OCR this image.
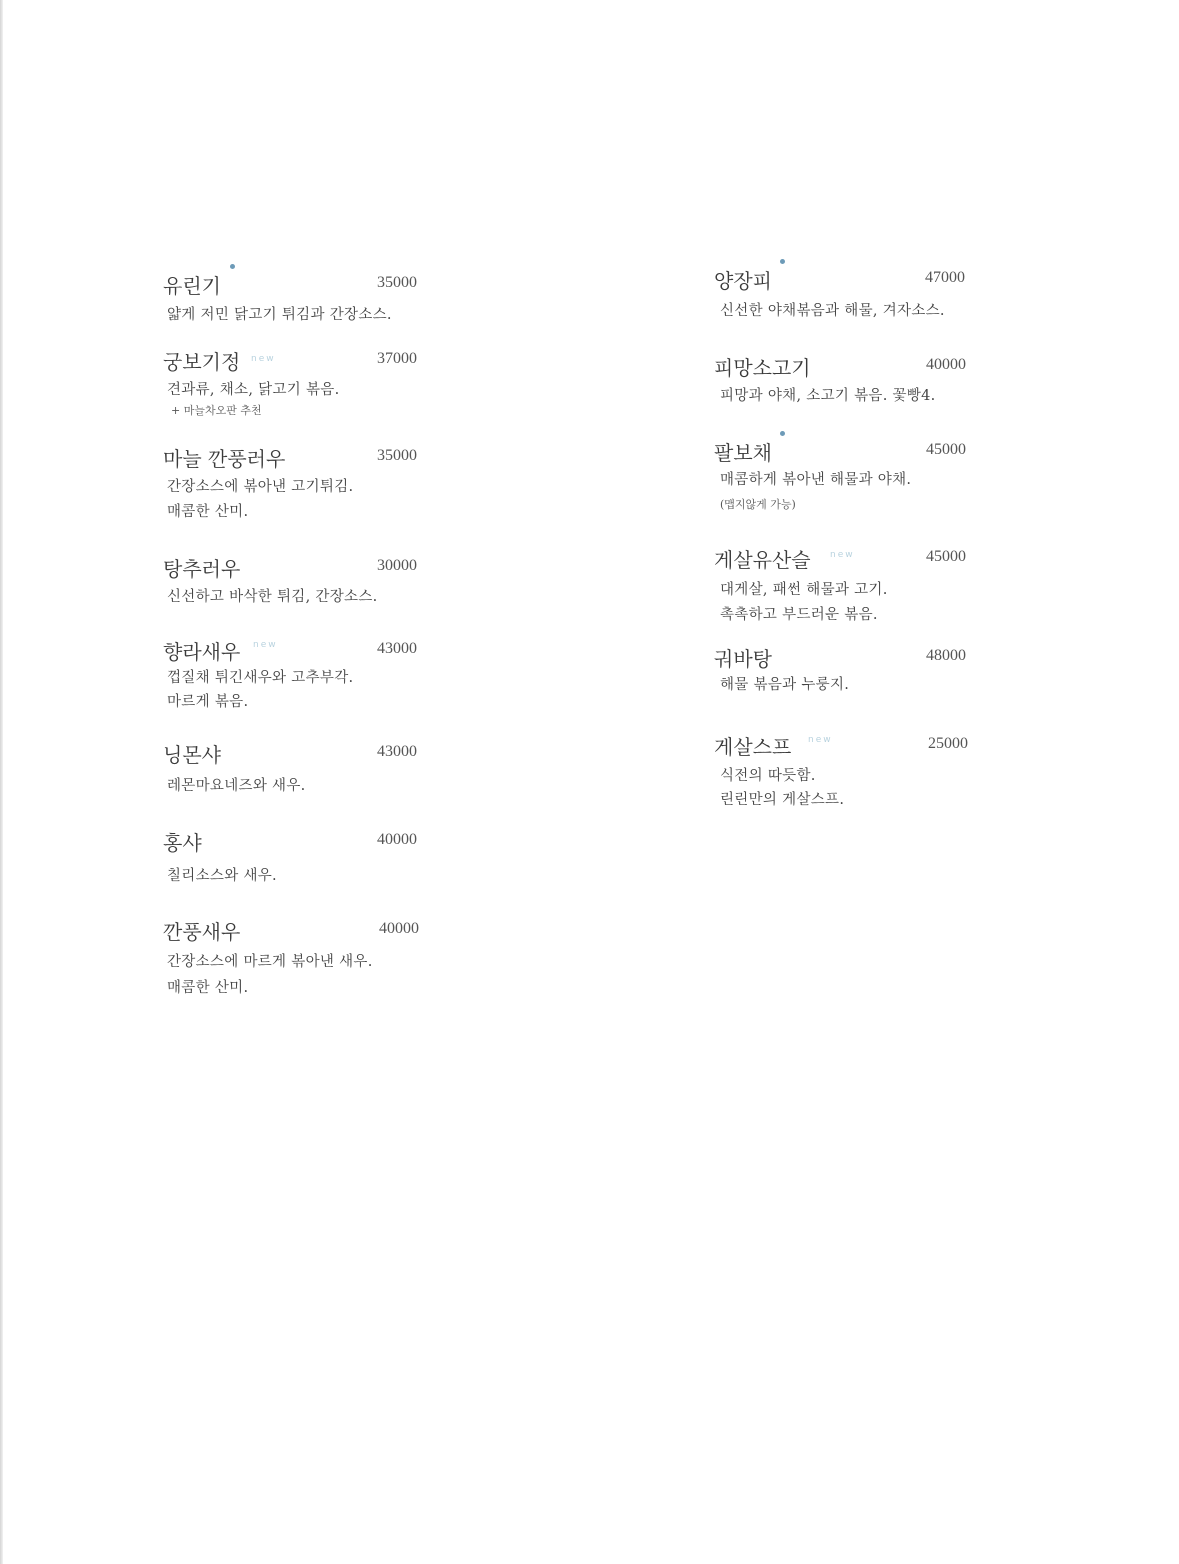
유린기	35000
얇게 저민 닭고기 튀김과 간장소스.
궁보기정 new	37000
견과류, 채소, 닭고기 볶음.
+ 마늘차오판 추천
마늘 깐풍러우	35000
간장소스에 볶아낸 고기튀김.
매콤한 산미.
탕추러우	30000
신선하고 바삭한 튀김, 간장소스.
향라새우 new	43000
껍질채 튀긴새우와 고추부각.
마르게 볶음.
닝몬샤	43000
레몬마요네즈와 새우.
홍샤	40000
칠리소스와 새우.
깐풍새우	40000
간장소스에 마르게 볶아낸 새우.
매콤한 산미.
양장피	47000
신선한 야채볶음과 해물, 겨자소스.
피망소고기	40000
피망과 야채, 소고기 볶음. 꽃빵4.
팔보채	45000
매콤하게 볶아낸 해물과 야채.
(맵지않게 가능)
게살유산슬 new	45000
대게살, 패썬 해물과 고기.
촉촉하고 부드러운 볶음.
궈바탕	48000
해물 볶음과 누룽지.
게살스프 new	25000
식전의 따듯함.
린린만의 게살스프.
